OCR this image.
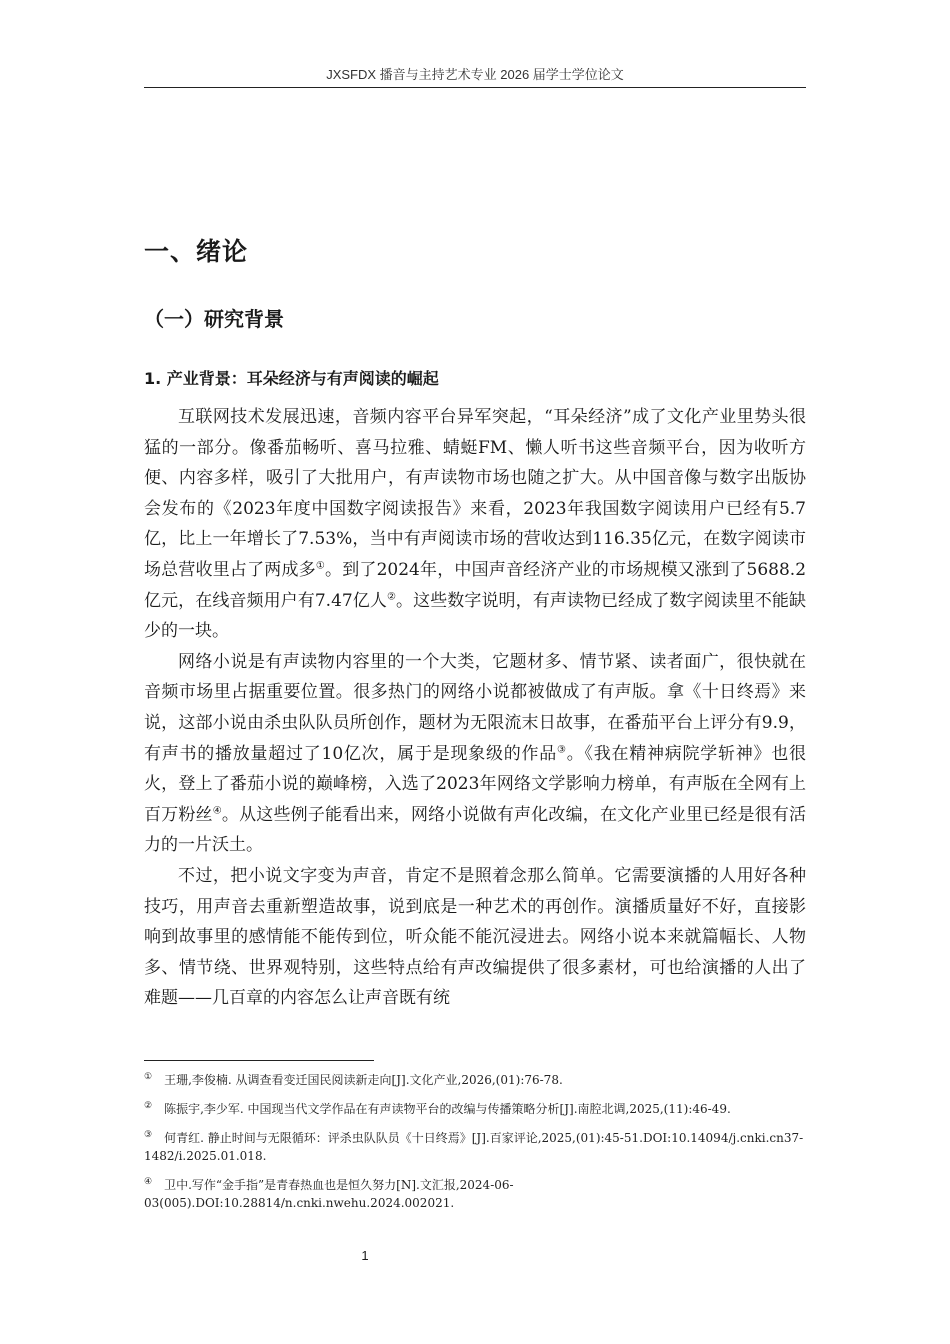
JXSFDX 播音与主持艺术专业 2026 届学士学位论文
一、绪论
（一）研究背景
1. 产业背景：耳朵经济与有声阅读的崛起

互联网技术发展迅速，音频内容平台异军突起，“耳朵经济”成了文化产业里势头很猛的一部分。像番茄畅听、喜马拉雅、蜻蜓FM、懒人听书这些音频平台，因为收听方便、内容多样，吸引了大批用户，有声读物市场也随之扩大。从中国音像与数字出版协会发布的《2023年度中国数字阅读报告》来看，2023年我国数字阅读用户已经有5.7亿，比上一年增长了7.53%，当中有声阅读市场的营收达到116.35亿元，在数字阅读市场总营收里占了两成多①。到了2024年，中国声音经济产业的市场规模又涨到了5688.2亿元，在线音频用户有7.47亿人②。这些数字说明，有声读物已经成了数字阅读里不能缺少的一块。

网络小说是有声读物内容里的一个大类，它题材多、情节紧、读者面广，很快就在音频市场里占据重要位置。很多热门的网络小说都被做成了有声版。拿《十日终焉》来说，这部小说由杀虫队队员所创作，题材为无限流末日故事，在番茄平台上评分有9.9，有声书的播放量超过了10亿次，属于是现象级的作品③。《我在精神病院学斩神》也很火，登上了番茄小说的巅峰榜，入选了2023年网络文学影响力榜单，有声版在全网有上百万粉丝④。从这些例子能看出来，网络小说做有声化改编，在文化产业里已经是很有活力的一片沃土。

不过，把小说文字变为声音，肯定不是照着念那么简单。它需要演播的人用好各种技巧，用声音去重新塑造故事，说到底是一种艺术的再创作。演播质量好不好，直接影响到故事里的感情能不能传到位，听众能不能沉浸进去。网络小说本来就篇幅长、人物多、情节绕、世界观特别，这些特点给有声改编提供了很多素材，可也给演播的人出了难题——几百章的内容怎么让声音既有统

① 王珊,李俊楠. 从调查看变迁国民阅读新走向[J].文化产业,2026,(01):76-78.
② 陈振宇,李少军. 中国现当代文学作品在有声读物平台的改编与传播策略分析[J].南腔北调,2025,(11):46-49.
③ 何青红. 静止时间与无限循环：评杀虫队队员《十日终焉》[J].百家评论,2025,(01):45-51.DOI:10.14094/j.cnki.cn37-1482/i.2025.01.018.
④ 卫中.写作“金手指”是青春热血也是恒久努力[N].文汇报,2024-06-03(005).DOI:10.28814/n.cnki.nwehu.2024.002021.
1
